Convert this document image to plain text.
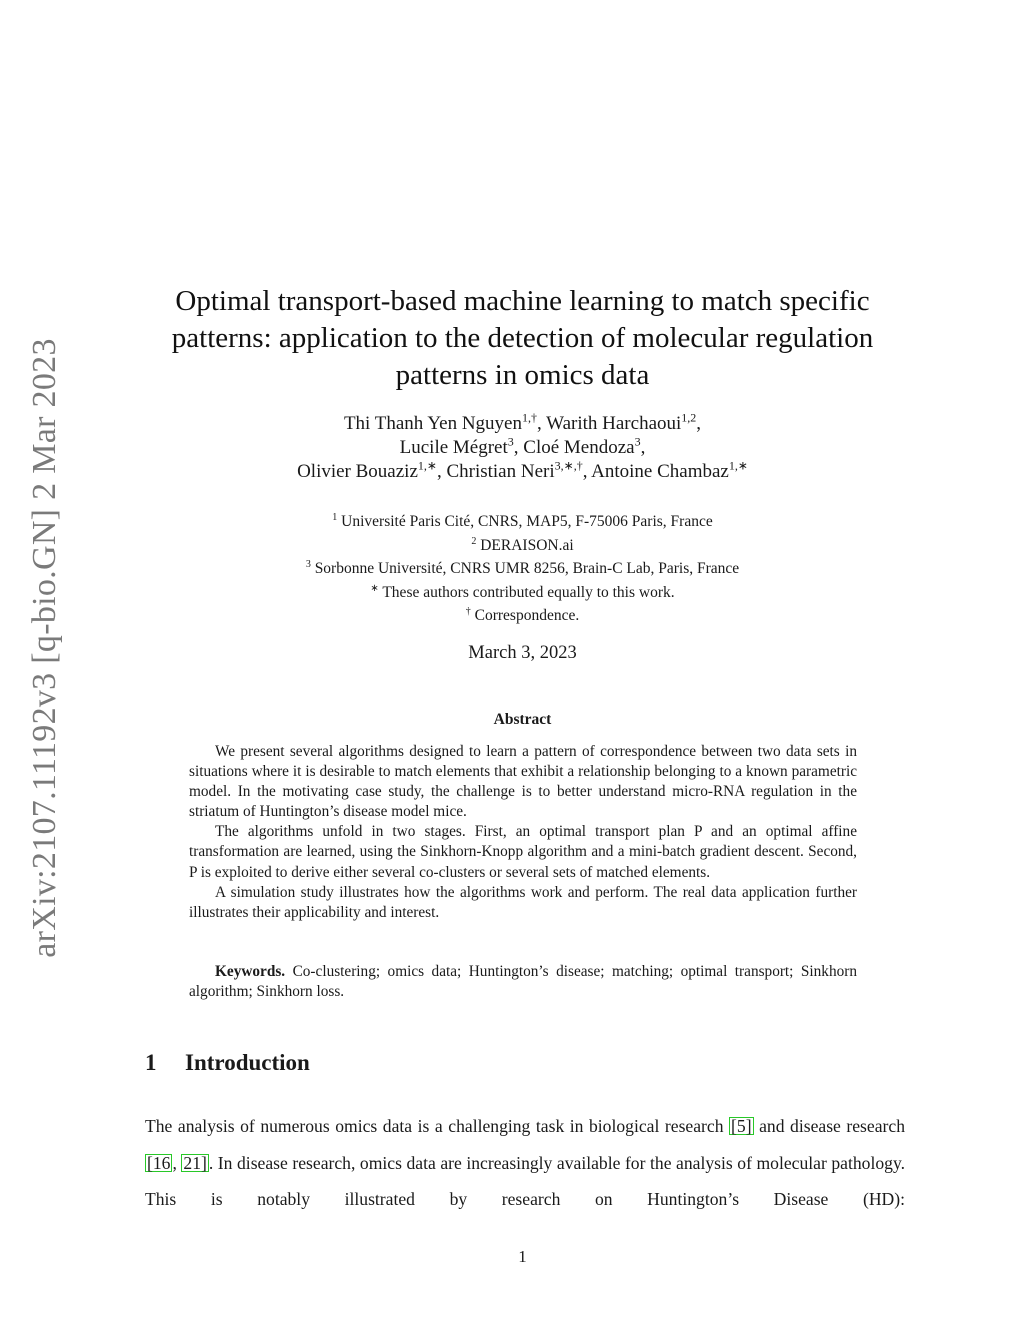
arXiv:2107.11192v3 [q-bio.GN] 2 Mar 2023
Optimal transport-based machine learning to match specific
patterns: application to the detection of molecular regulation
patterns in omics data
Thi Thanh Yen Nguyen$^{1,\dagger}$, Warith Harchaoui$^{1,2}$,
Lucile Mégret$^3$, Cloé Mendoza$^3$,
Olivier Bouaziz$^{1,∗}$, Christian Neri$^{3,∗,\dagger}$, Antoine Chambaz$^{1,∗}$
$^1$ Université Paris Cité, CNRS, MAP5, F-75006 Paris, France
$^2$ DERAISON.ai
$^3$ Sorbonne Université, CNRS UMR 8256, Brain-C Lab, Paris, France
∗ These authors contributed equally to this work.
† Correspondence.
March 3, 2023
Abstract

We present several algorithms designed to learn a pattern of correspondence between two data sets in situations where it is desirable to match elements that exhibit a relationship belonging to a known parametric model. In the motivating case study, the challenge is to better understand micro-RNA regulation in the striatum of Huntington’s disease model mice.

The algorithms unfold in two stages. First, an optimal transport plan P and an optimal affine transformation are learned, using the Sinkhorn-Knopp algorithm and a mini-batch gradient descent. Second, P is exploited to derive either several co-clusters or several sets of matched elements.

A simulation study illustrates how the algorithms work and perform. The real data application further illustrates their applicability and interest.

Keywords. Co-clustering; omics data; Huntington’s disease; matching; optimal transport; Sinkhorn algorithm; Sinkhorn loss.
1 Introduction
The analysis of numerous omics data is a challenging task in biological research [5] and disease research [16 , 21] . In disease research, omics data are increasingly available for the analysis of molecular pathology. This is notably illustrated by research on Huntington’s Disease (HD):
1
